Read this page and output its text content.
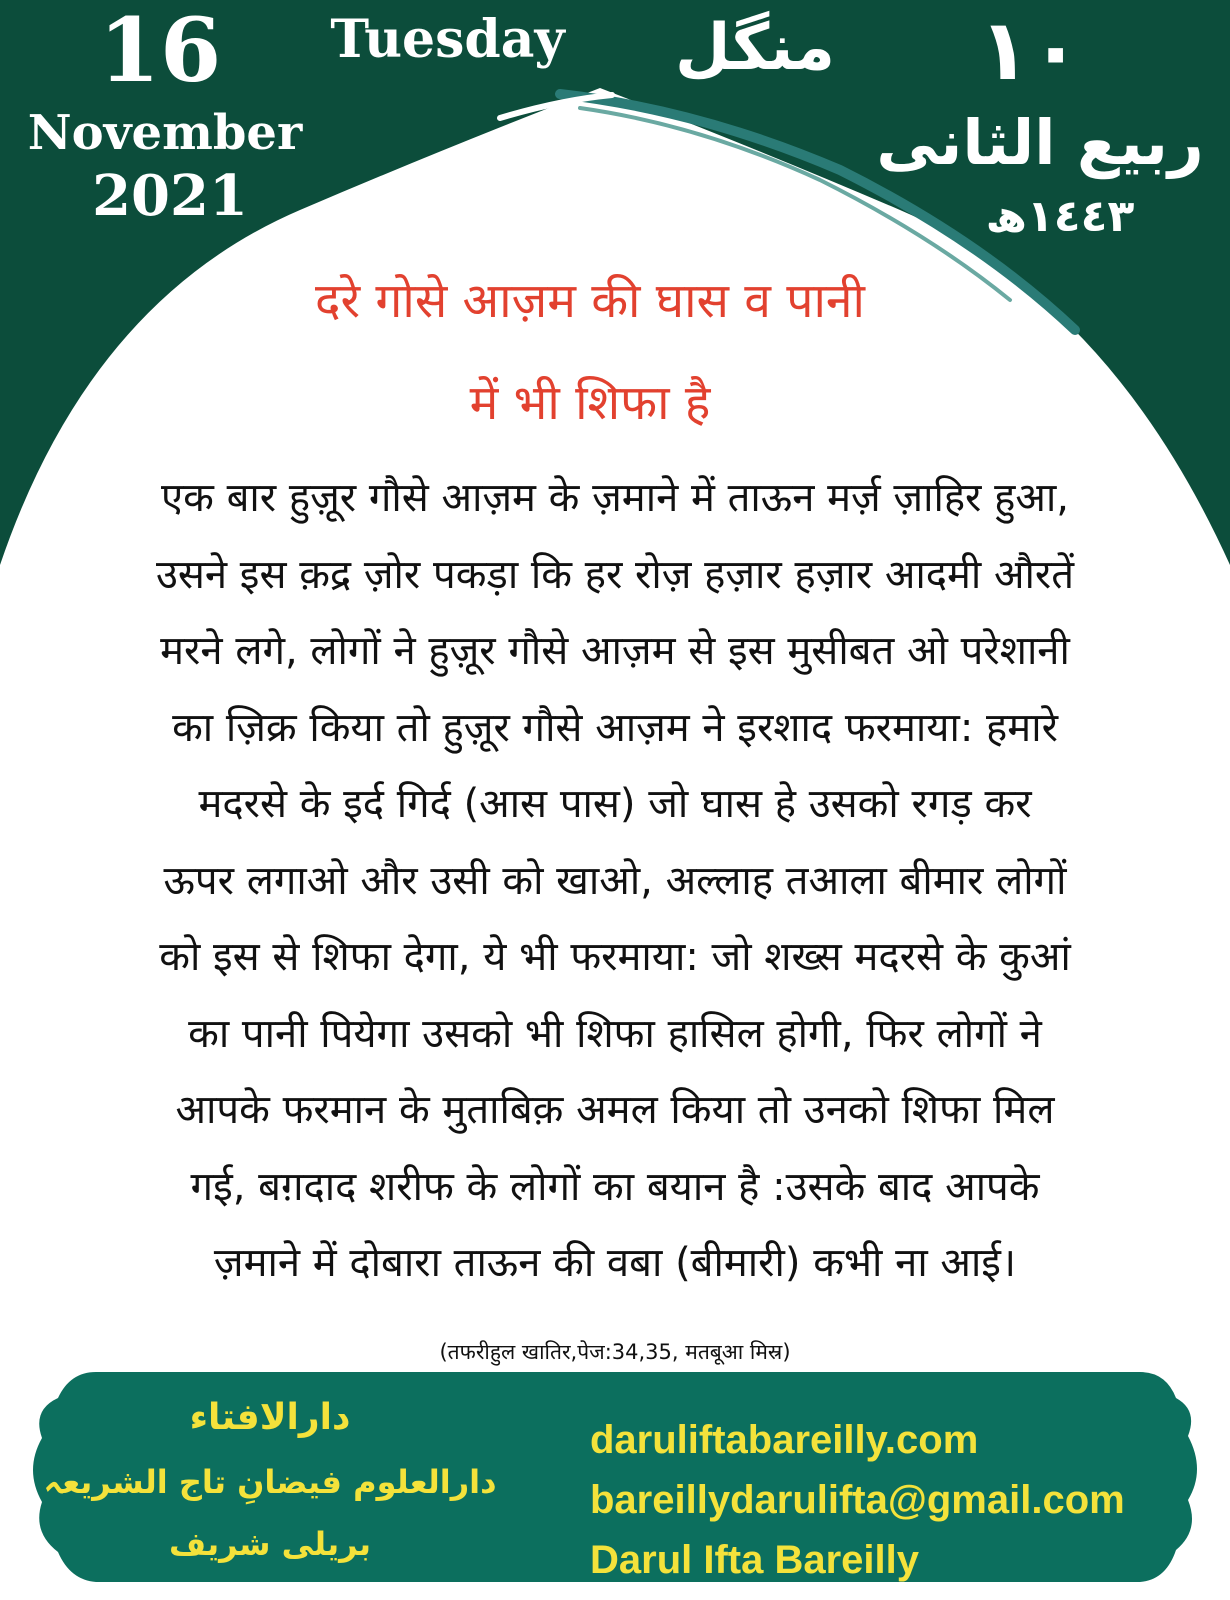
16	Tuesday
November
2021
منگل	١٠
ربیع الثانی
١٤٤٣ھ
दरे गोसे आज़म की घास व पानी
में भी शिफा है
एक बार हुज़ूर गौसे आज़म के ज़माने में ताऊन मर्ज़ ज़ाहिर हुआ,
उसने इस क़द्र ज़ोर पकड़ा कि हर रोज़ हज़ार हज़ार आदमी औरतें
मरने लगे, लोगों ने हुज़ूर गौसे आज़म से इस मुसीबत ओ परेशानी
का ज़िक्र किया तो हुज़ूर गौसे आज़म ने इरशाद फरमाया: हमारे
मदरसे के इर्द गिर्द (आस पास) जो घास हे उसको रगड़ कर
ऊपर लगाओ और उसी को खाओ, अल्लाह तआला बीमार लोगों
को इस से शिफा देगा, ये भी फरमाया: जो शख्स मदरसे के कुआं
का पानी पियेगा उसको भी शिफा हासिल होगी, फिर लोगों ने
आपके फरमान के मुताबिक़ अमल किया तो उनको शिफा मिल
गई, बग़दाद शरीफ के लोगों का बयान है :उसके बाद आपके
ज़माने में दोबारा ताऊन की वबा (बीमारी) कभी ना आई।
(तफरीहुल खातिर,पेज:34,35, मतबूआ मिस्र)
دارالافتاء
دارالعلوم فیضانِ تاج الشریعہ
بریلی شریف
daruliftabareilly.com
bareillydarulifta@gmail.com
Darul Ifta Bareilly
